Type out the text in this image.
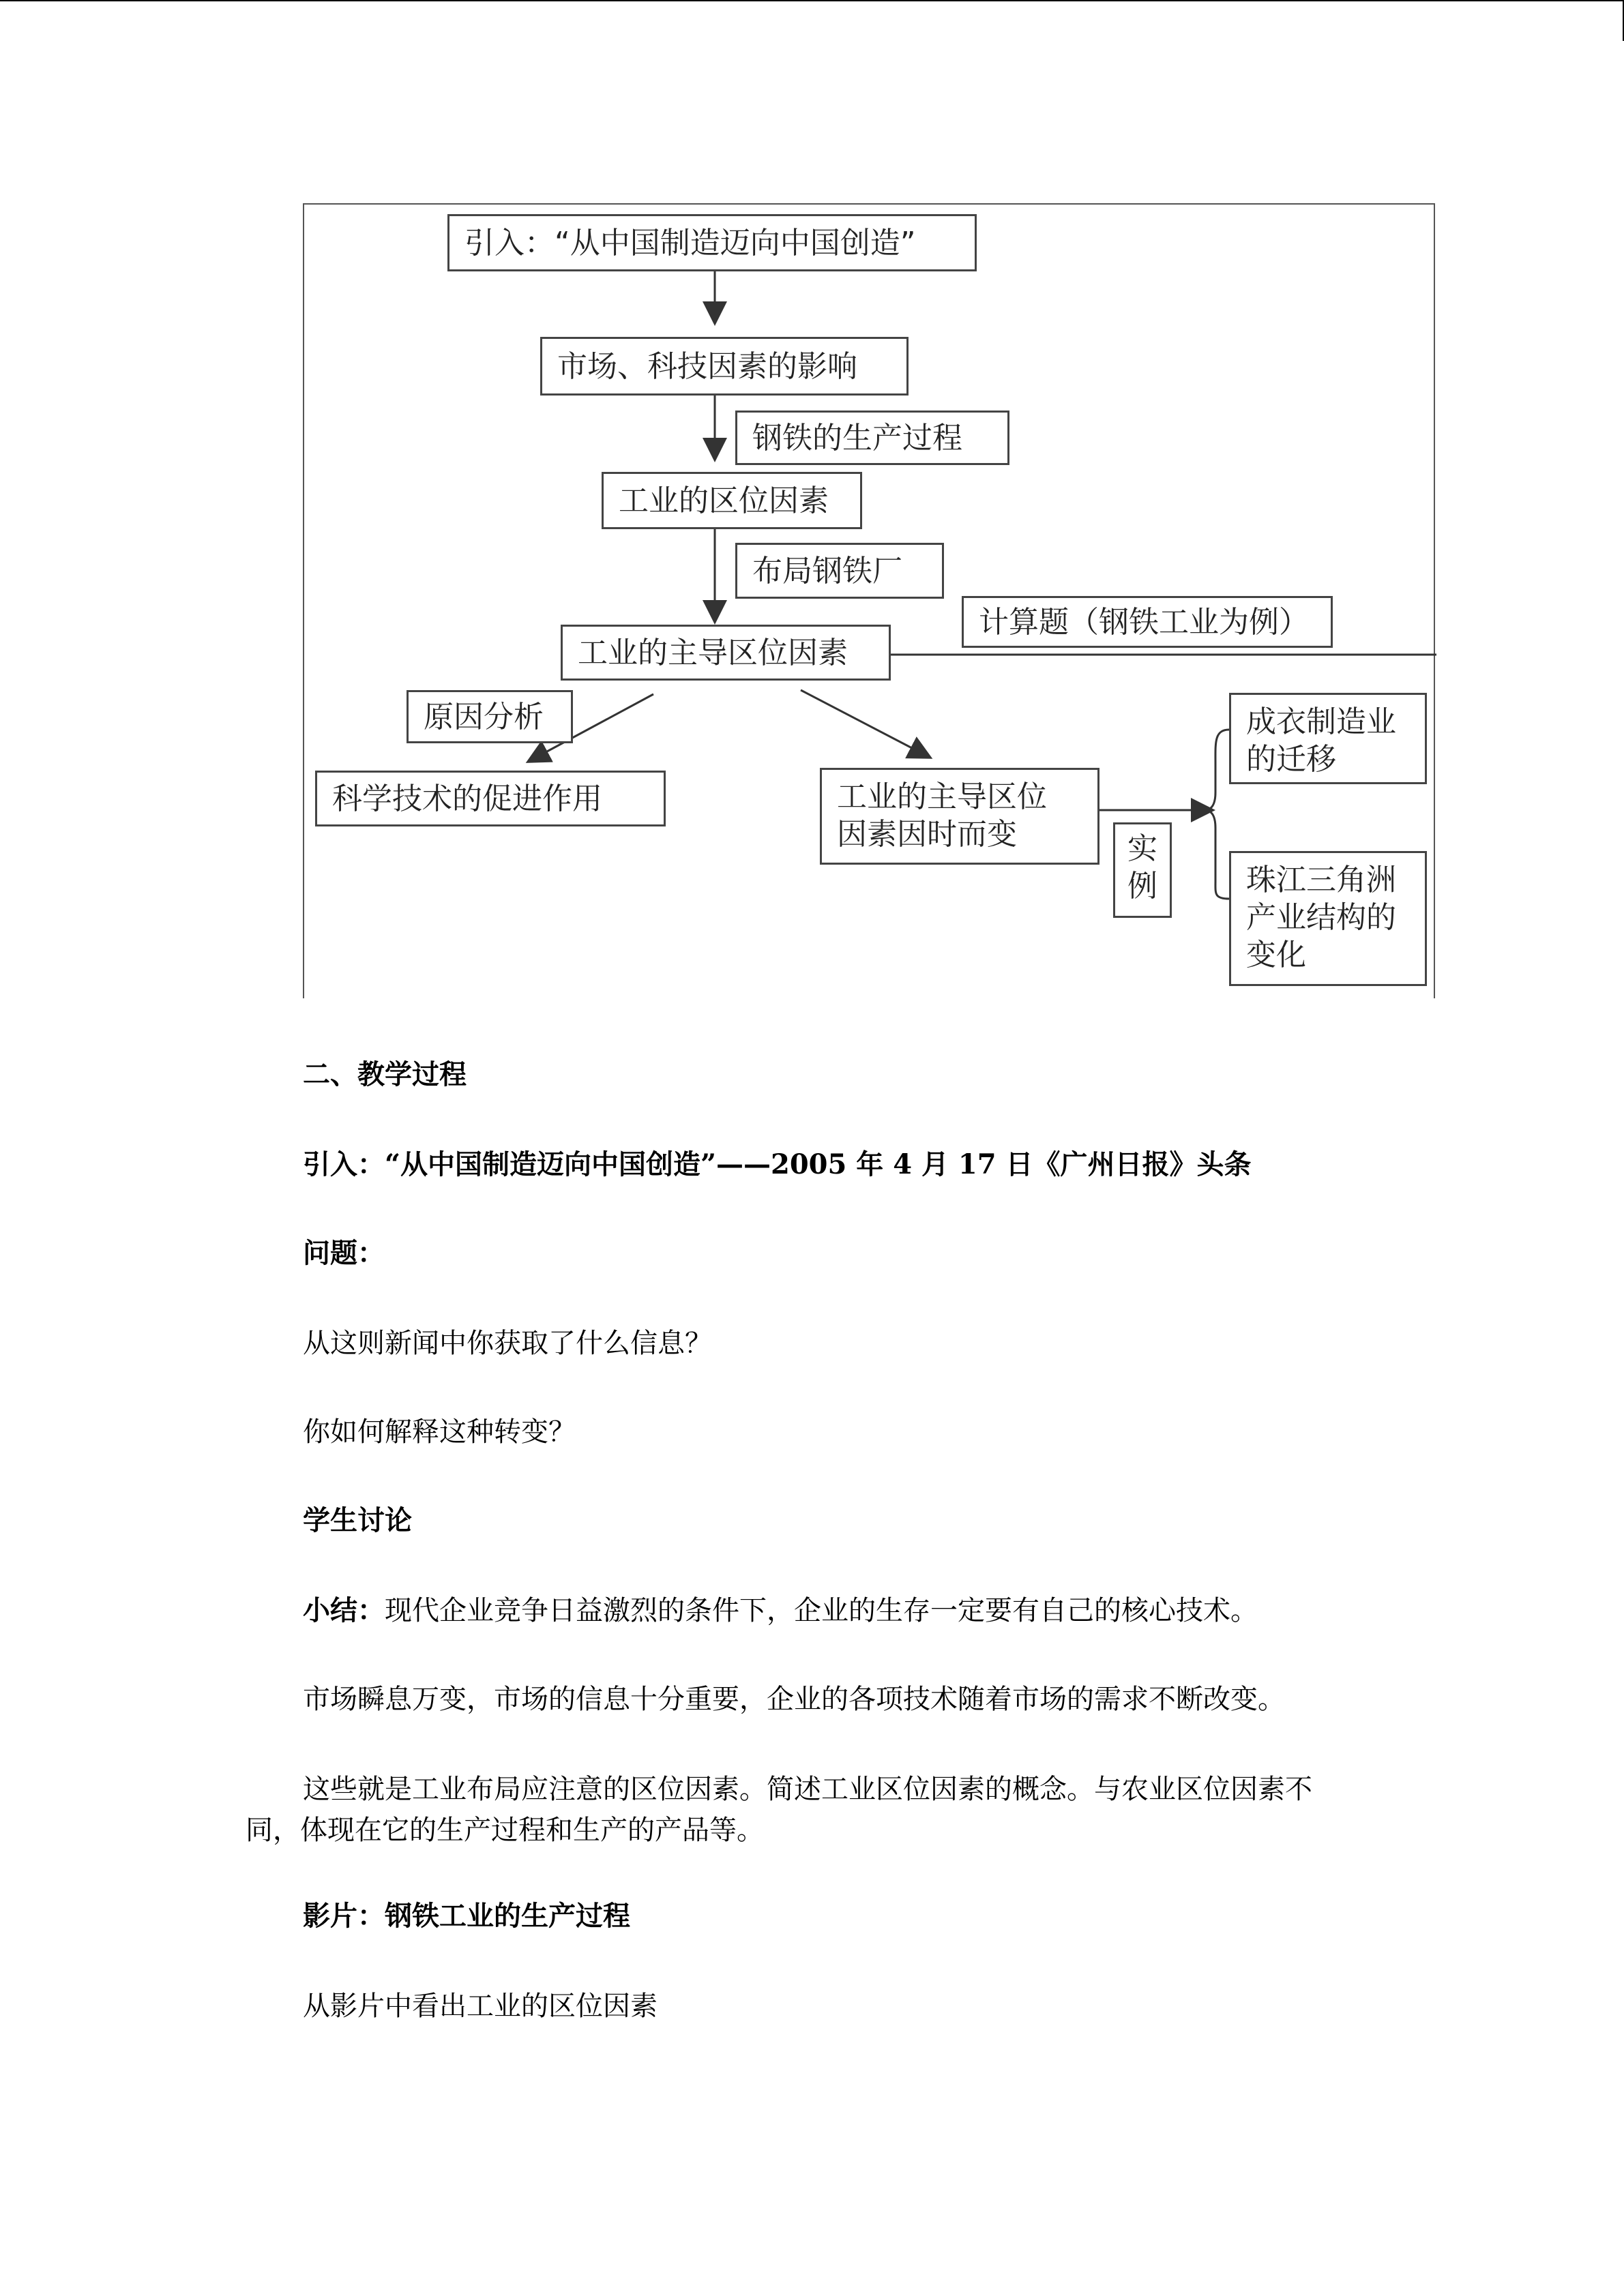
引入：“从中国制造迈向中国创造”
市场、科技因素的影响
钢铁的生产过程
工业的区位因素
布局钢铁厂
计算题（钢铁工业为例）
工业的主导区位因素
原因分析
科学技术的促进作用	工业的主导区位
因素因时而变	实
例
成衣制造业
的迁移
珠江三角洲
产业结构的
变化
二、教学过程
引入：“从中国制造迈向中国创造”——2005 年 4 月 17 日《广州日报》头条
问题：
从这则新闻中你获取了什么信息？
你如何解释这种转变？
学生讨论
小结：现代企业竞争日益激烈的条件下，企业的生存一定要有自己的核心技术。
市场瞬息万变，市场的信息十分重要，企业的各项技术随着市场的需求不断改变。
这些就是工业布局应注意的区位因素。简述工业区位因素的概念。与农业区位因素不
同，体现在它的生产过程和生产的产品等。
影片：钢铁工业的生产过程
从影片中看出工业的区位因素
